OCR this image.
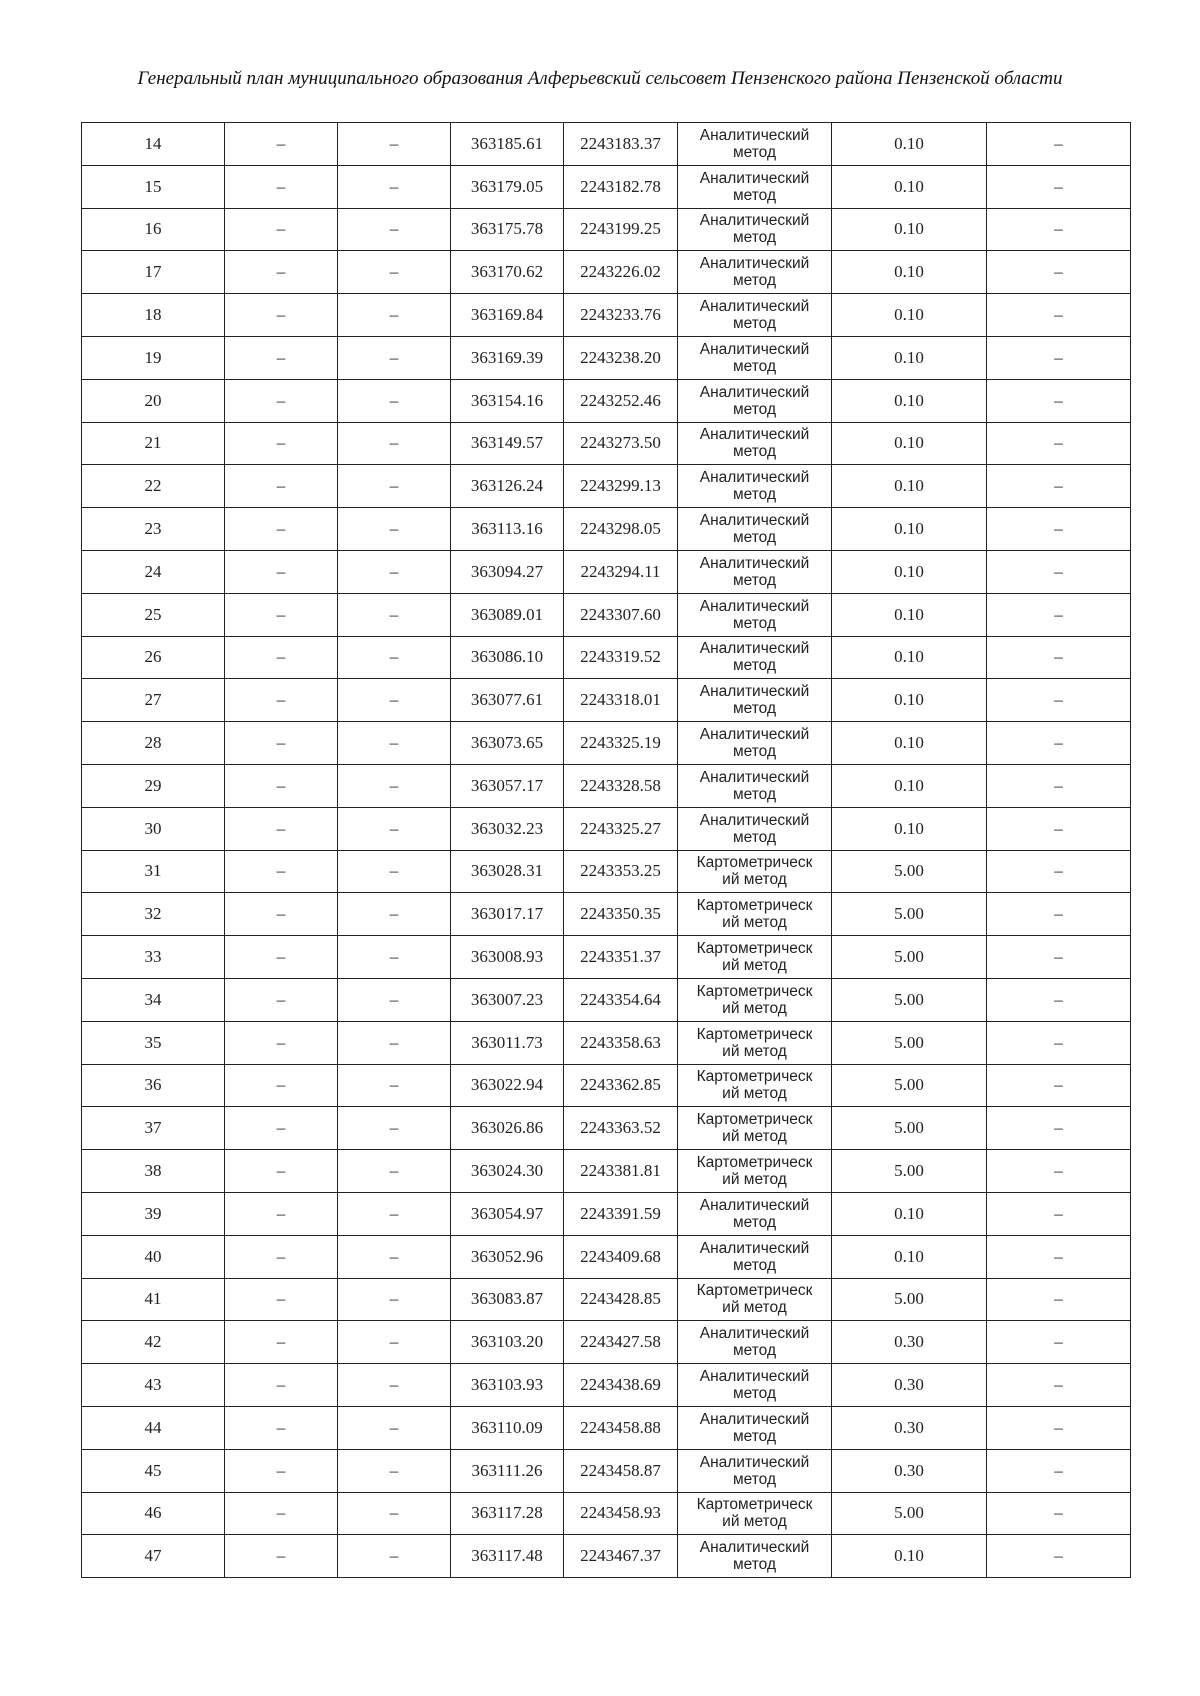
Генеральный план муниципального образования Алферьевский сельсовет Пензенского района Пензенской области
14	–	–	363185.61	2243183.37	Аналитический
метод	0.10	–
15	–	–	363179.05	2243182.78	Аналитический
метод	0.10	–
16	–	–	363175.78	2243199.25	Аналитический
метод	0.10	–
17	–	–	363170.62	2243226.02	Аналитический
метод	0.10	–
18	–	–	363169.84	2243233.76	Аналитический
метод	0.10	–
19	–	–	363169.39	2243238.20	Аналитический
метод	0.10	–
20	–	–	363154.16	2243252.46	Аналитический
метод	0.10	–
21	–	–	363149.57	2243273.50	Аналитический
метод	0.10	–
22	–	–	363126.24	2243299.13	Аналитический
метод	0.10	–
23	–	–	363113.16	2243298.05	Аналитический
метод	0.10	–
24	–	–	363094.27	2243294.11	Аналитический
метод	0.10	–
25	–	–	363089.01	2243307.60	Аналитический
метод	0.10	–
26	–	–	363086.10	2243319.52	Аналитический
метод	0.10	–
27	–	–	363077.61	2243318.01	Аналитический
метод	0.10	–
28	–	–	363073.65	2243325.19	Аналитический
метод	0.10	–
29	–	–	363057.17	2243328.58	Аналитический
метод	0.10	–
30	–	–	363032.23	2243325.27	Аналитический
метод	0.10	–
31	–	–	363028.31	2243353.25	Картометрическ
ий метод	5.00	–
32	–	–	363017.17	2243350.35	Картометрическ
ий метод	5.00	–
33	–	–	363008.93	2243351.37	Картометрическ
ий метод	5.00	–
34	–	–	363007.23	2243354.64	Картометрическ
ий метод	5.00	–
35	–	–	363011.73	2243358.63	Картометрическ
ий метод	5.00	–
36	–	–	363022.94	2243362.85	Картометрическ
ий метод	5.00	–
37	–	–	363026.86	2243363.52	Картометрическ
ий метод	5.00	–
38	–	–	363024.30	2243381.81	Картометрическ
ий метод	5.00	–
39	–	–	363054.97	2243391.59	Аналитический
метод	0.10	–
40	–	–	363052.96	2243409.68	Аналитический
метод	0.10	–
41	–	–	363083.87	2243428.85	Картометрическ
ий метод	5.00	–
42	–	–	363103.20	2243427.58	Аналитический
метод	0.30	–
43	–	–	363103.93	2243438.69	Аналитический
метод	0.30	–
44	–	–	363110.09	2243458.88	Аналитический
метод	0.30	–
45	–	–	363111.26	2243458.87	Аналитический
метод	0.30	–
46	–	–	363117.28	2243458.93	Картометрическ
ий метод	5.00	–
47	–	–	363117.48	2243467.37	Аналитический
метод	0.10	–
